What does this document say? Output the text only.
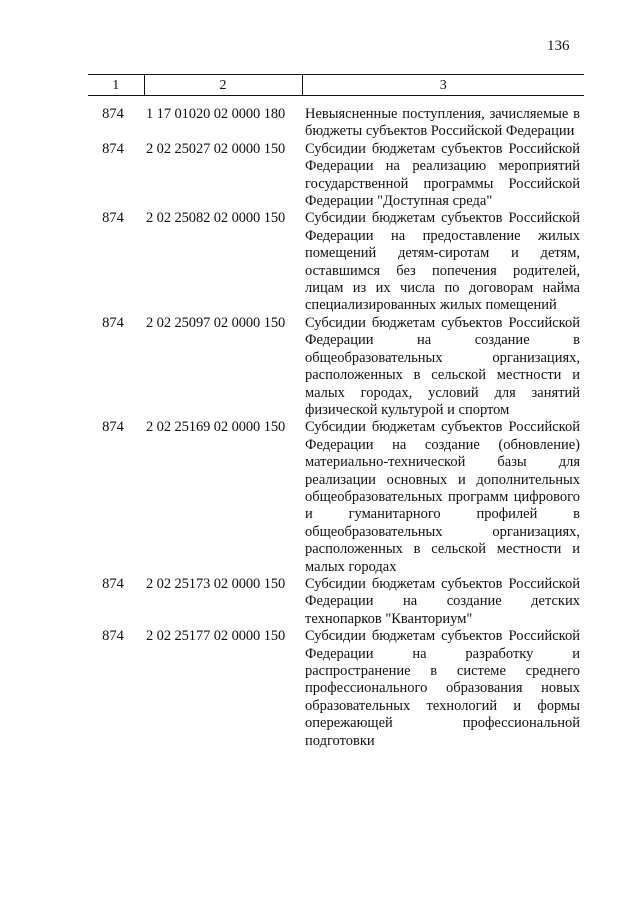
136
1	2	3
874	1 17 01020 02 0000 180	Невыясненные поступления, зачисляемые в бюджеты субъектов Российской Федерации
874	2 02 25027 02 0000 150	Субсидии бюджетам субъектов Российской Федерации на реализацию мероприятий государственной программы Российской Федерации "Доступная среда"
874	2 02 25082 02 0000 150	Субсидии бюджетам субъектов Российской Федерации на предоставление жилых помещений детям-сиротам и детям, оставшимся без попечения родителей, лицам из их числа по договорам найма специализированных жилых помещений
874	2 02 25097 02 0000 150	Субсидии бюджетам субъектов Российской Федерации на создание в общеобразовательных организациях, расположенных в сельской местности и малых городах, условий для занятий физической культурой и спортом
874	2 02 25169 02 0000 150	Субсидии бюджетам субъектов Российской Федерации на создание (обновление) материально-технической базы для реализации основных и дополнительных общеобразовательных программ цифрового и гуманитарного профилей в общеобразовательных организациях, расположенных в сельской местности и малых городах
874	2 02 25173 02 0000 150	Субсидии бюджетам субъектов Российской Федерации на создание детских технопарков "Кванториум"
874	2 02 25177 02 0000 150	Субсидии бюджетам субъектов Российской Федерации на разработку и распространение в системе среднего профессионального образования новых образовательных технологий и формы опережающей профессиональной подготовки
